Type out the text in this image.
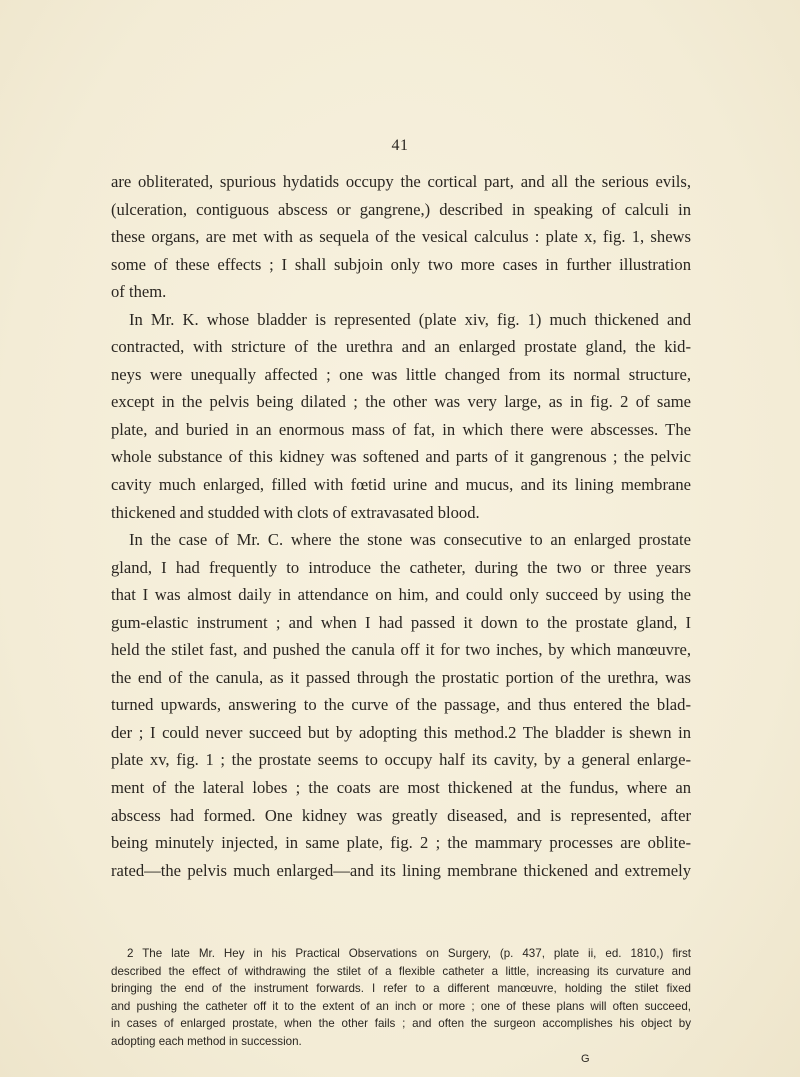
41
are obliterated, spurious hydatids occupy the cortical part, and all the serious evils,
(ulceration, contiguous abscess or gangrene,) described in speaking of calculi in
these organs, are met with as sequela of the vesical calculus : plate x, fig. 1, shews
some of these effects ; I shall subjoin only two more cases in further illustration
of them.
In Mr. K. whose bladder is represented (plate xiv, fig. 1) much thickened and
contracted, with stricture of the urethra and an enlarged prostate gland, the kid-
neys were unequally affected ; one was little changed from its normal structure,
except in the pelvis being dilated ; the other was very large, as in fig. 2 of same
plate, and buried in an enormous mass of fat, in which there were abscesses. The
whole substance of this kidney was softened and parts of it gangrenous ; the pelvic
cavity much enlarged, filled with fœtid urine and mucus, and its lining membrane
thickened and studded with clots of extravasated blood.
In the case of Mr. C. where the stone was consecutive to an enlarged prostate
gland, I had frequently to introduce the catheter, during the two or three years
that I was almost daily in attendance on him, and could only succeed by using the
gum-elastic instrument ; and when I had passed it down to the prostate gland, I
held the stilet fast, and pushed the canula off it for two inches, by which manœuvre,
the end of the canula, as it passed through the prostatic portion of the urethra, was
turned upwards, answering to the curve of the passage, and thus entered the blad-
der ; I could never succeed but by adopting this method.2 The bladder is shewn in
plate xv, fig. 1 ; the prostate seems to occupy half its cavity, by a general enlarge-
ment of the lateral lobes ; the coats are most thickened at the fundus, where an
abscess had formed. One kidney was greatly diseased, and is represented, after
being minutely injected, in same plate, fig. 2 ; the mammary processes are oblite-
rated—the pelvis much enlarged—and its lining membrane thickened and extremely
2 The late Mr. Hey in his Practical Observations on Surgery, (p. 437, plate ii, ed. 1810,) first
described the effect of withdrawing the stilet of a flexible catheter a little, increasing its curvature and
bringing the end of the instrument forwards. I refer to a different manœuvre, holding the stilet fixed
and pushing the catheter off it to the extent of an inch or more ; one of these plans will often succeed,
in cases of enlarged prostate, when the other fails ; and often the surgeon accomplishes his object by
adopting each method in succession.
G
